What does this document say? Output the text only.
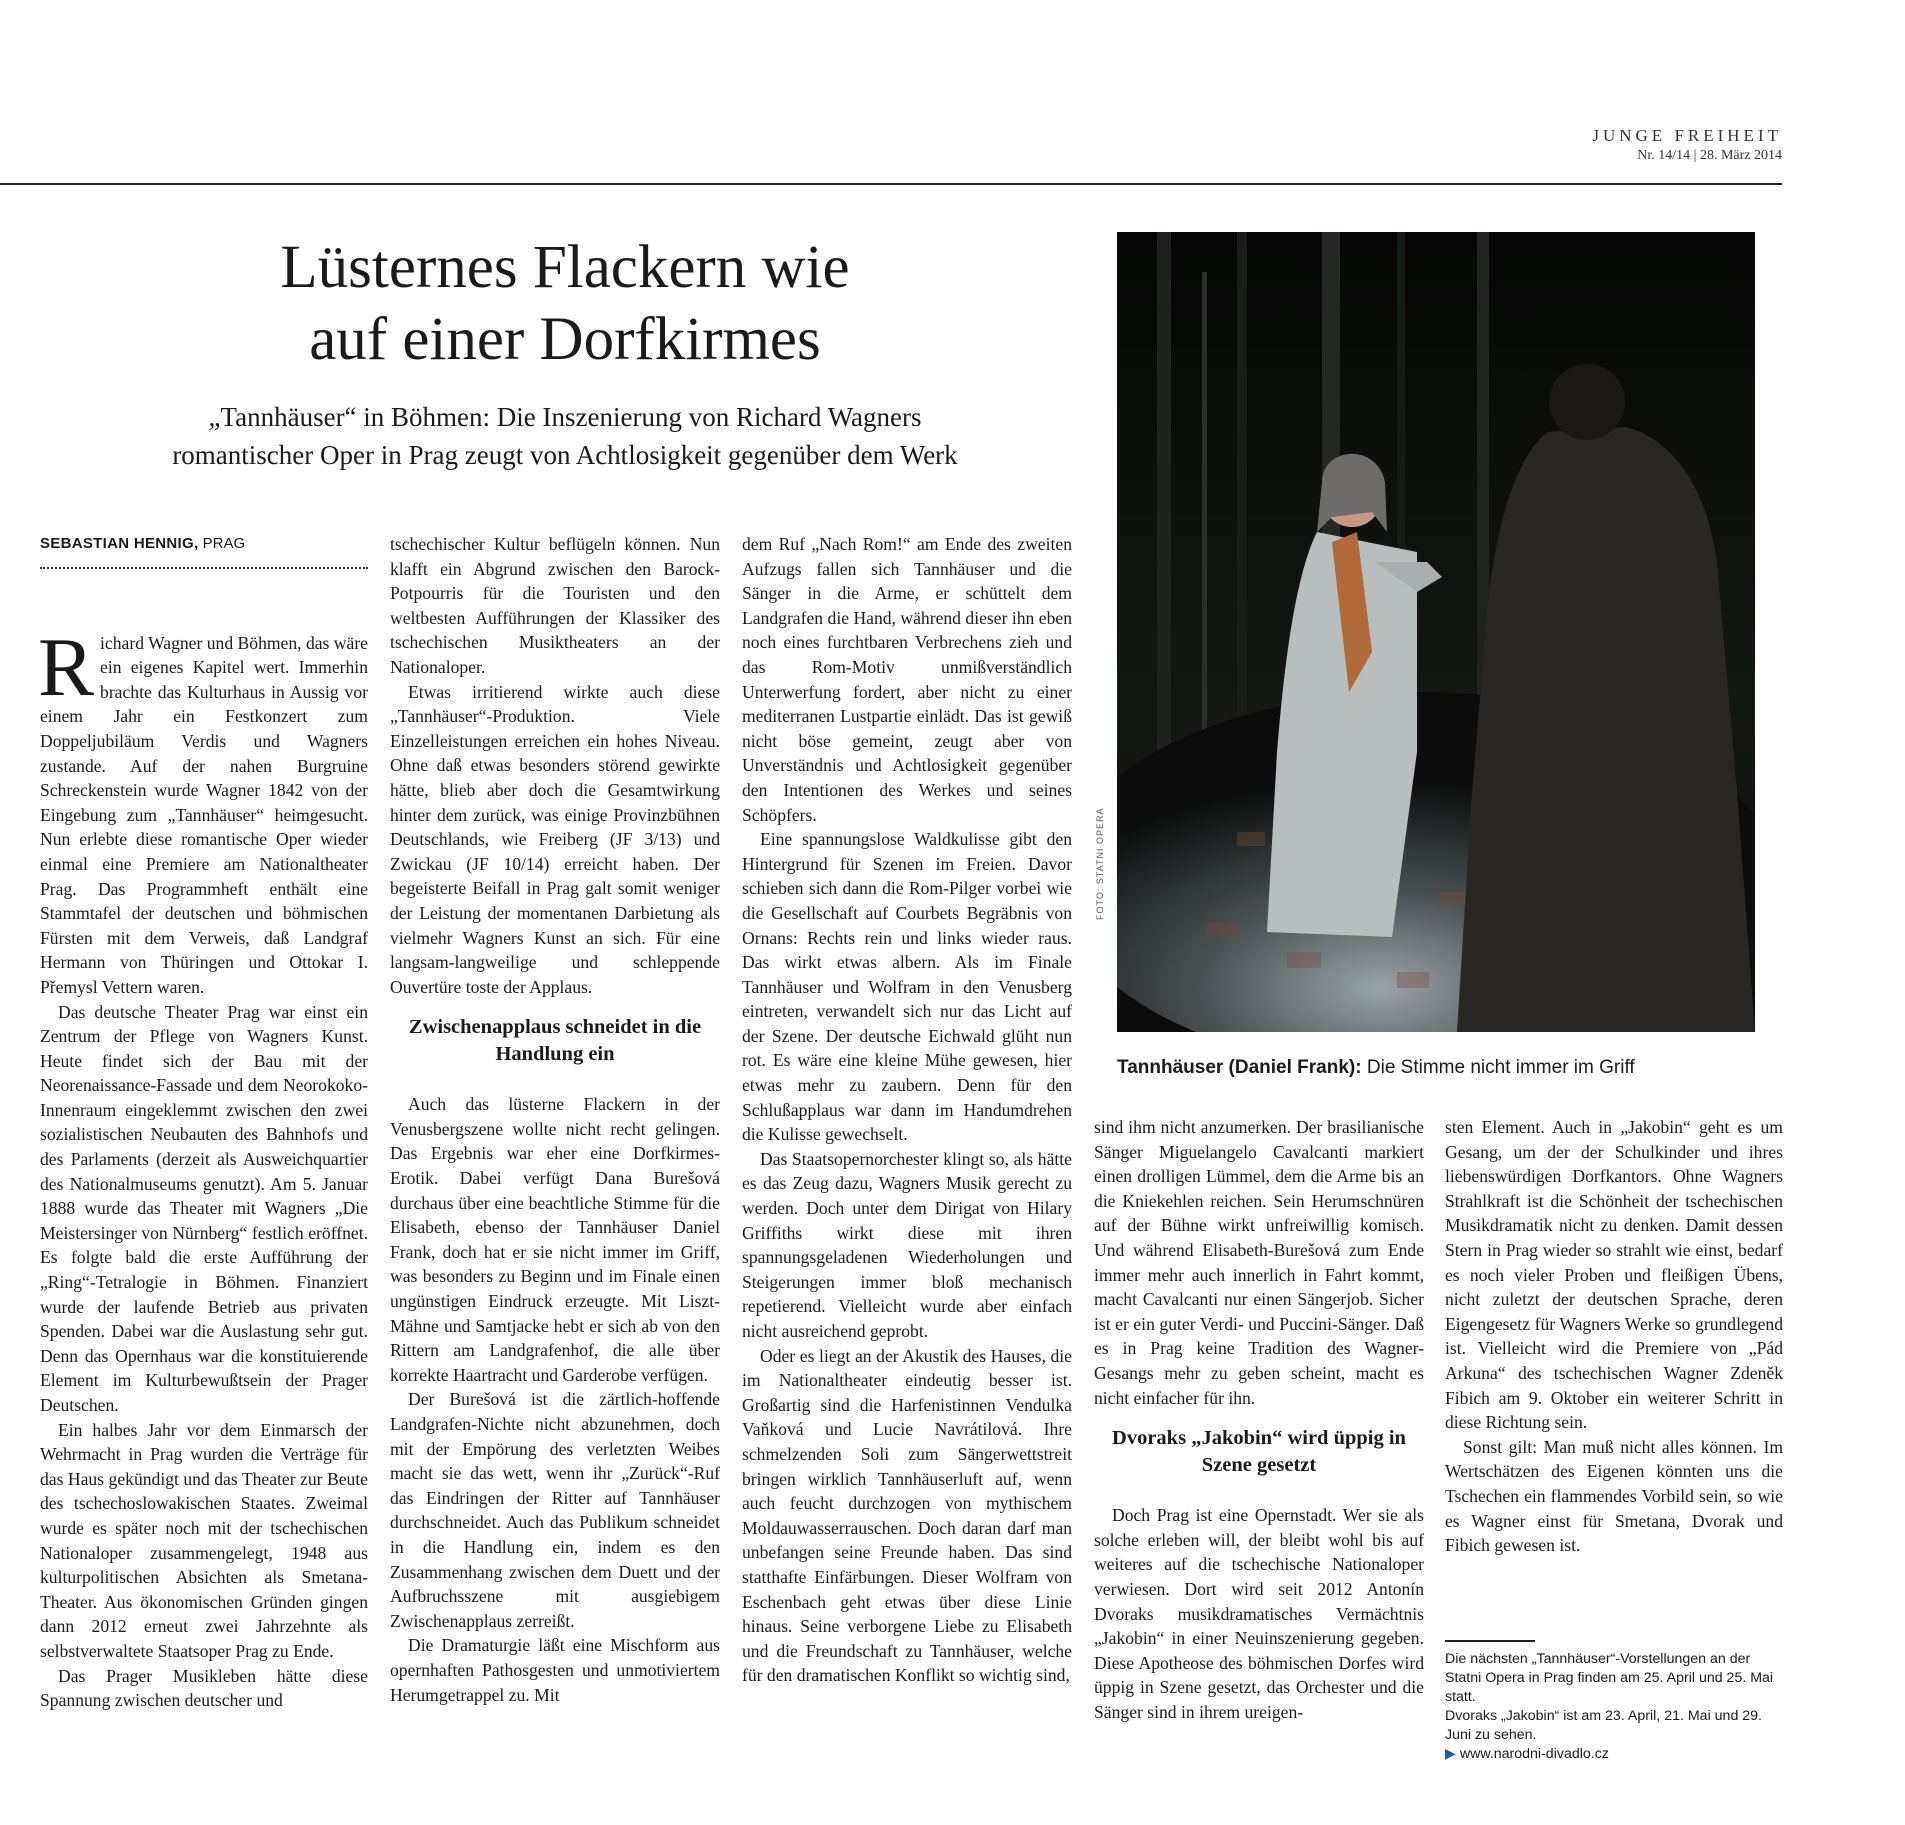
JUNGE FREIHEIT
Nr. 14/14 | 28. März 2014
Lüsternes Flackern wie
auf einer Dorfkirmes
„Tannhäuser“ in Böhmen: Die Inszenierung von Richard Wagners
romantischer Oper in Prag zeugt von Achtlosigkeit gegenüber dem Werk
FOTO: STATNI OPERA
Tannhäuser (Daniel Frank): Die Stimme nicht immer im Griff

SEBASTIAN HENNIG, PRAG

Richard Wagner und Böhmen, das wäre ein eigenes Kapitel wert. Immerhin brachte das Kulturhaus in Aussig vor einem Jahr ein Festkonzert zum Doppeljubiläum Verdis und Wagners zustande. Auf der nahen Burgruine Schreckenstein wurde Wagner 1842 von der Eingebung zum „Tannhäuser“ heimgesucht. Nun erlebte diese romantische Oper wieder einmal eine Premiere am Nationaltheater Prag. Das Programmheft enthält eine Stammtafel der deutschen und böhmischen Fürsten mit dem Verweis, daß Landgraf Hermann von Thüringen und Ottokar I. Přemysl Vettern waren.

Das deutsche Theater Prag war einst ein Zentrum der Pflege von Wagners Kunst. Heute findet sich der Bau mit der Neorenaissance-Fassade und dem Neorokoko-Innenraum eingeklemmt zwischen den zwei sozialistischen Neubauten des Bahnhofs und des Parlaments (derzeit als Ausweichquartier des Nationalmuseums genutzt). Am 5. Januar 1888 wurde das Theater mit Wagners „Die Meistersinger von Nürnberg“ festlich eröffnet. Es folgte bald die erste Aufführung der „Ring“-Tetralogie in Böhmen. Finanziert wurde der laufende Betrieb aus privaten Spenden. Dabei war die Auslastung sehr gut. Denn das Opernhaus war die konstituierende Element im Kulturbewußtsein der Prager Deutschen.

Ein halbes Jahr vor dem Einmarsch der Wehrmacht in Prag wurden die Verträge für das Haus gekündigt und das Theater zur Beute des tschechoslowakischen Staates. Zweimal wurde es später noch mit der tschechischen Nationaloper zusammengelegt, 1948 aus kulturpolitischen Absichten als Smetana-Theater. Aus ökonomischen Gründen gingen dann 2012 erneut zwei Jahrzehnte als selbstverwaltete Staatsoper Prag zu Ende.

Das Prager Musikleben hätte diese Spannung zwischen deutscher und

tschechischer Kultur beflügeln können. Nun klafft ein Abgrund zwischen den Barock-Potpourris für die Touristen und den weltbesten Aufführungen der Klassiker des tschechischen Musiktheaters an der Nationaloper.

Etwas irritierend wirkte auch diese „Tannhäuser“-Produktion. Viele Einzelleistungen erreichen ein hohes Niveau. Ohne daß etwas besonders störend gewirkte hätte, blieb aber doch die Gesamtwirkung hinter dem zurück, was einige Provinzbühnen Deutschlands, wie Freiberg (JF 3/13) und Zwickau (JF 10/14) erreicht haben. Der begeisterte Beifall in Prag galt somit weniger der Leistung der momentanen Darbietung als vielmehr Wagners Kunst an sich. Für eine langsam-langweilige und schleppende Ouvertüre toste der Applaus.

Zwischenapplaus schneidet in die Handlung ein

Auch das lüsterne Flackern in der Venusbergszene wollte nicht recht gelingen. Das Ergebnis war eher eine Dorfkirmes-Erotik. Dabei verfügt Dana Burešová durchaus über eine beachtliche Stimme für die Elisabeth, ebenso der Tannhäuser Daniel Frank, doch hat er sie nicht immer im Griff, was besonders zu Beginn und im Finale einen ungünstigen Eindruck erzeugte. Mit Liszt-Mähne und Samtjacke hebt er sich ab von den Rittern am Landgrafenhof, die alle über korrekte Haartracht und Garderobe verfügen.

Der Burešová ist die zärtlich-hoffende Landgrafen-Nichte nicht abzunehmen, doch mit der Empörung des verletzten Weibes macht sie das wett, wenn ihr „Zurück“-Ruf das Eindringen der Ritter auf Tannhäuser durchschneidet. Auch das Publikum schneidet in die Handlung ein, indem es den Zusammenhang zwischen dem Duett und der Aufbruchsszene mit ausgiebigem Zwischenapplaus zerreißt.

Die Dramaturgie läßt eine Mischform aus opernhaften Pathosgesten und unmotiviertem Herumgetrappel zu. Mit

dem Ruf „Nach Rom!“ am Ende des zweiten Aufzugs fallen sich Tannhäuser und die Sänger in die Arme, er schüttelt dem Landgrafen die Hand, während dieser ihn eben noch eines furchtbaren Verbrechens zieh und das Rom-Motiv unmißverständlich Unterwerfung fordert, aber nicht zu einer mediterranen Lustpartie einlädt. Das ist gewiß nicht böse gemeint, zeugt aber von Unverständnis und Achtlosigkeit gegenüber den Intentionen des Werkes und seines Schöpfers.

Eine spannungslose Waldkulisse gibt den Hintergrund für Szenen im Freien. Davor schieben sich dann die Rom-Pilger vorbei wie die Gesellschaft auf Courbets Begräbnis von Ornans: Rechts rein und links wieder raus. Das wirkt etwas albern. Als im Finale Tannhäuser und Wolfram in den Venusberg eintreten, verwandelt sich nur das Licht auf der Szene. Der deutsche Eichwald glüht nun rot. Es wäre eine kleine Mühe gewesen, hier etwas mehr zu zaubern. Denn für den Schlußapplaus war dann im Handumdrehen die Kulisse gewechselt.

Das Staatsopernorchester klingt so, als hätte es das Zeug dazu, Wagners Musik gerecht zu werden. Doch unter dem Dirigat von Hilary Griffiths wirkt diese mit ihren spannungsgeladenen Wiederholungen und Steigerungen immer bloß mechanisch repetierend. Vielleicht wurde aber einfach nicht ausreichend geprobt.

Oder es liegt an der Akustik des Hauses, die im Nationaltheater eindeutig besser ist. Großartig sind die Harfenistinnen Vendulka Vaňková und Lucie Navrátilová. Ihre schmelzenden Soli zum Sängerwettstreit bringen wirklich Tannhäuserluft auf, wenn auch feucht durchzogen von mythischem Moldauwasserrauschen. Doch daran darf man unbefangen seine Freunde haben. Das sind statthafte Einfärbungen. Dieser Wolfram von Eschenbach geht etwas über diese Linie hinaus. Seine verborgene Liebe zu Elisabeth und die Freundschaft zu Tannhäuser, welche für den dramatischen Konflikt so wichtig sind,

sind ihm nicht anzumerken. Der brasilianische Sänger Miguelangelo Cavalcanti markiert einen drolligen Lümmel, dem die Arme bis an die Kniekehlen reichen. Sein Herumschnüren auf der Bühne wirkt unfreiwillig komisch. Und während Elisabeth-Burešová zum Ende immer mehr auch innerlich in Fahrt kommt, macht Cavalcanti nur einen Sängerjob. Sicher ist er ein guter Verdi- und Puccini-Sänger. Daß es in Prag keine Tradition des Wagner-Gesangs mehr zu geben scheint, macht es nicht einfacher für ihn.

Dvoraks „Jakobin“ wird üppig in Szene gesetzt

Doch Prag ist eine Opernstadt. Wer sie als solche erleben will, der bleibt wohl bis auf weiteres auf die tschechische Nationaloper verwiesen. Dort wird seit 2012 Antonín Dvoraks musikdramatisches Vermächtnis „Jakobin“ in einer Neuinszenierung gegeben. Diese Apotheose des böhmischen Dorfes wird üppig in Szene gesetzt, das Orchester und die Sänger sind in ihrem ureigen-

sten Element. Auch in „Jakobin“ geht es um Gesang, um der der Schulkinder und ihres liebenswürdigen Dorfkantors. Ohne Wagners Strahlkraft ist die Schönheit der tschechischen Musikdramatik nicht zu denken. Damit dessen Stern in Prag wieder so strahlt wie einst, bedarf es noch vieler Proben und fleißigen Übens, nicht zuletzt der deutschen Sprache, deren Eigengesetz für Wagners Werke so grundlegend ist. Vielleicht wird die Premiere von „Pád Arkuna“ des tschechischen Wagner Zdeněk Fibich am 9. Oktober ein weiterer Schritt in diese Richtung sein.

Sonst gilt: Man muß nicht alles können. Im Wertschätzen des Eigenen könnten uns die Tschechen ein flammendes Vorbild sein, so wie es Wagner einst für Smetana, Dvorak und Fibich gewesen ist.

Die nächsten „Tannhäuser“-Vorstellungen an der Statni Opera in Prag finden am 25. April und 25. Mai statt.
Dvoraks „Jakobin“ ist am 23. April, 21. Mai und 29. Juni zu sehen.
▶ www.narodni-divadlo.cz
